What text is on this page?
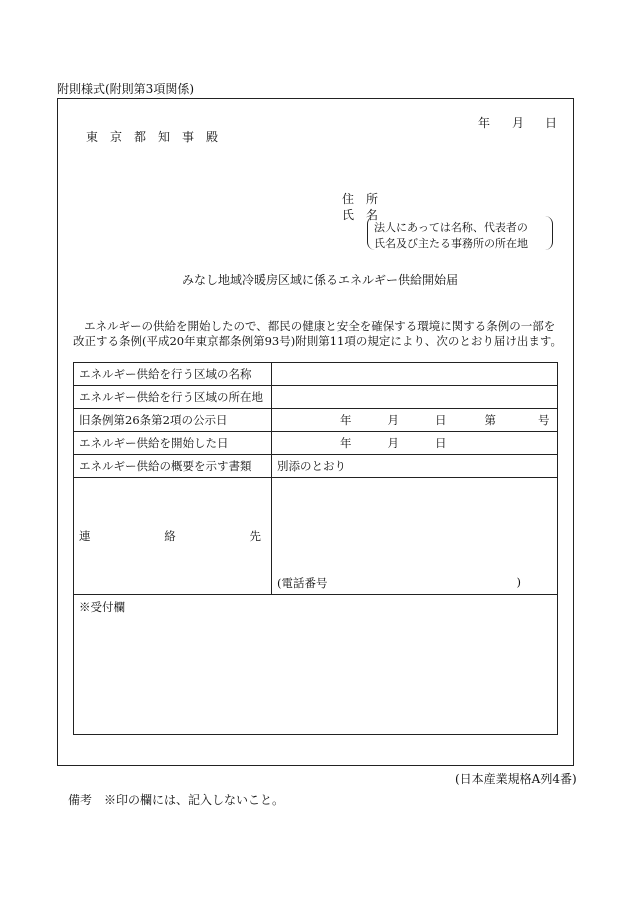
附則様式(附則第3項関係)
年 月 日
東　京　都　知　事　殿
住　所
氏　名
法人にあっては名称、代表者の
氏名及び主たる事務所の所在地
みなし地域冷暖房区域に係るエネルギー供給開始届
エネルギーの供給を開始したので、都民の健康と安全を確保する環境に関する条例の一部を
改正する条例(平成20年東京都条例第93号)附則第11項の規定により、次のとおり届け出ます。
エネルギー供給を行う区域の名称	
エネルギー供給を行う区域の所在地	

旧条例第26条第2項の公示日	年 月 日 第 号
エネルギー供給を開始した日	年 月 日
エネルギー供給の概要を示す書類	別添のとおり

連 絡 先	(電話番号 )

※受付欄	
(日本産業規格A列4番)
備考　※印の欄には、記入しないこと。
